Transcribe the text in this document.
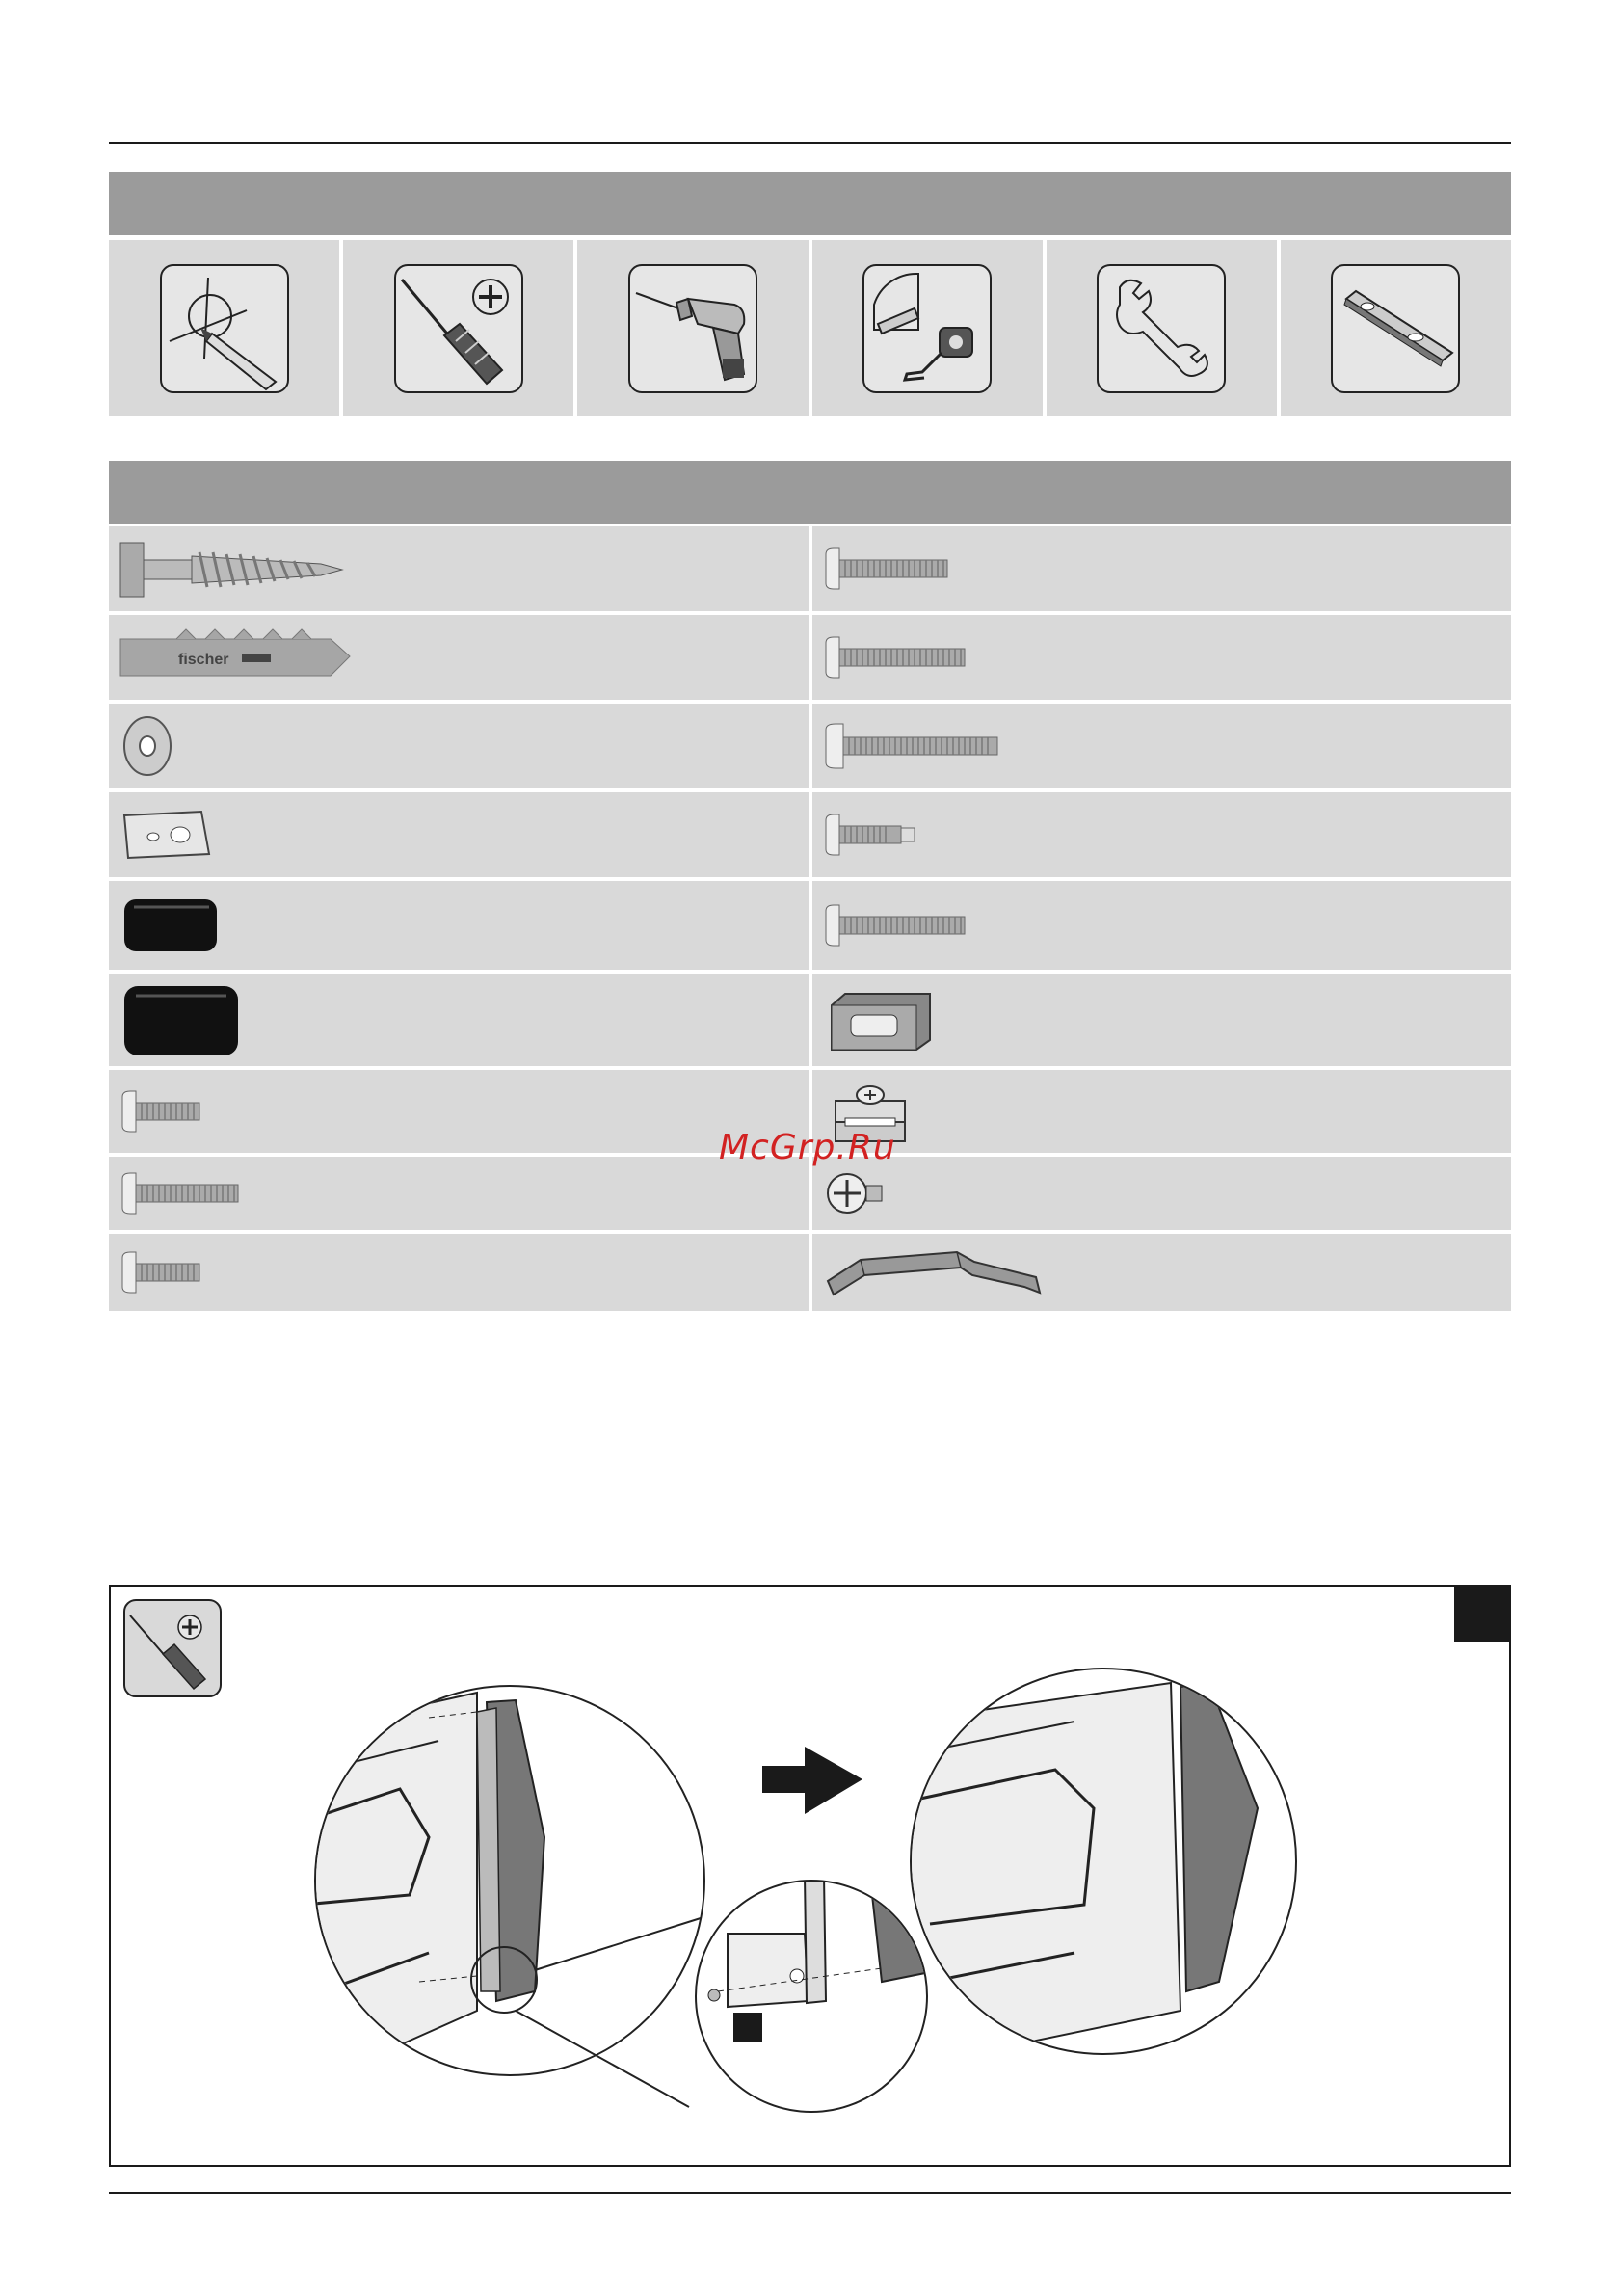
fischer
McGrp.Ru
